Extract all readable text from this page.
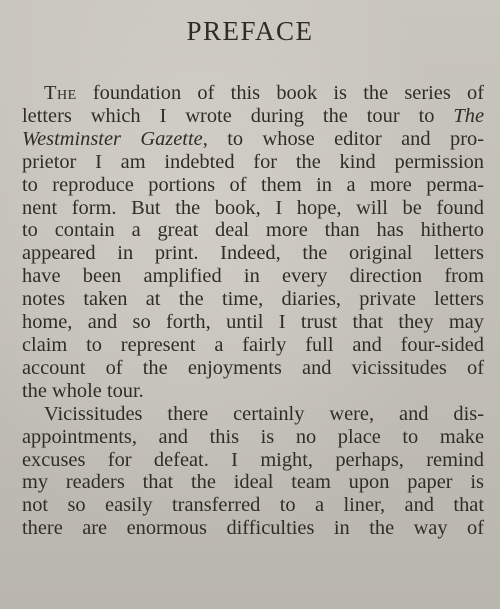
PREFACE

The foundation of this book is the series of
letters which I wrote during the tour to The
Westminster Gazette, to whose editor and pro-
prietor I am indebted for the kind permission
to reproduce portions of them in a more perma-
nent form. But the book, I hope, will be found
to contain a great deal more than has hitherto
appeared in print. Indeed, the original letters
have been amplified in every direction from
notes taken at the time, diaries, private letters
home, and so forth, until I trust that they may
claim to represent a fairly full and four-sided
account of the enjoyments and vicissitudes of
the whole tour.

Vicissitudes there certainly were, and dis-
appointments, and this is no place to make
excuses for defeat. I might, perhaps, remind
my readers that the ideal team upon paper is
not so easily transferred to a liner, and that
there are enormous difficulties in the way of
